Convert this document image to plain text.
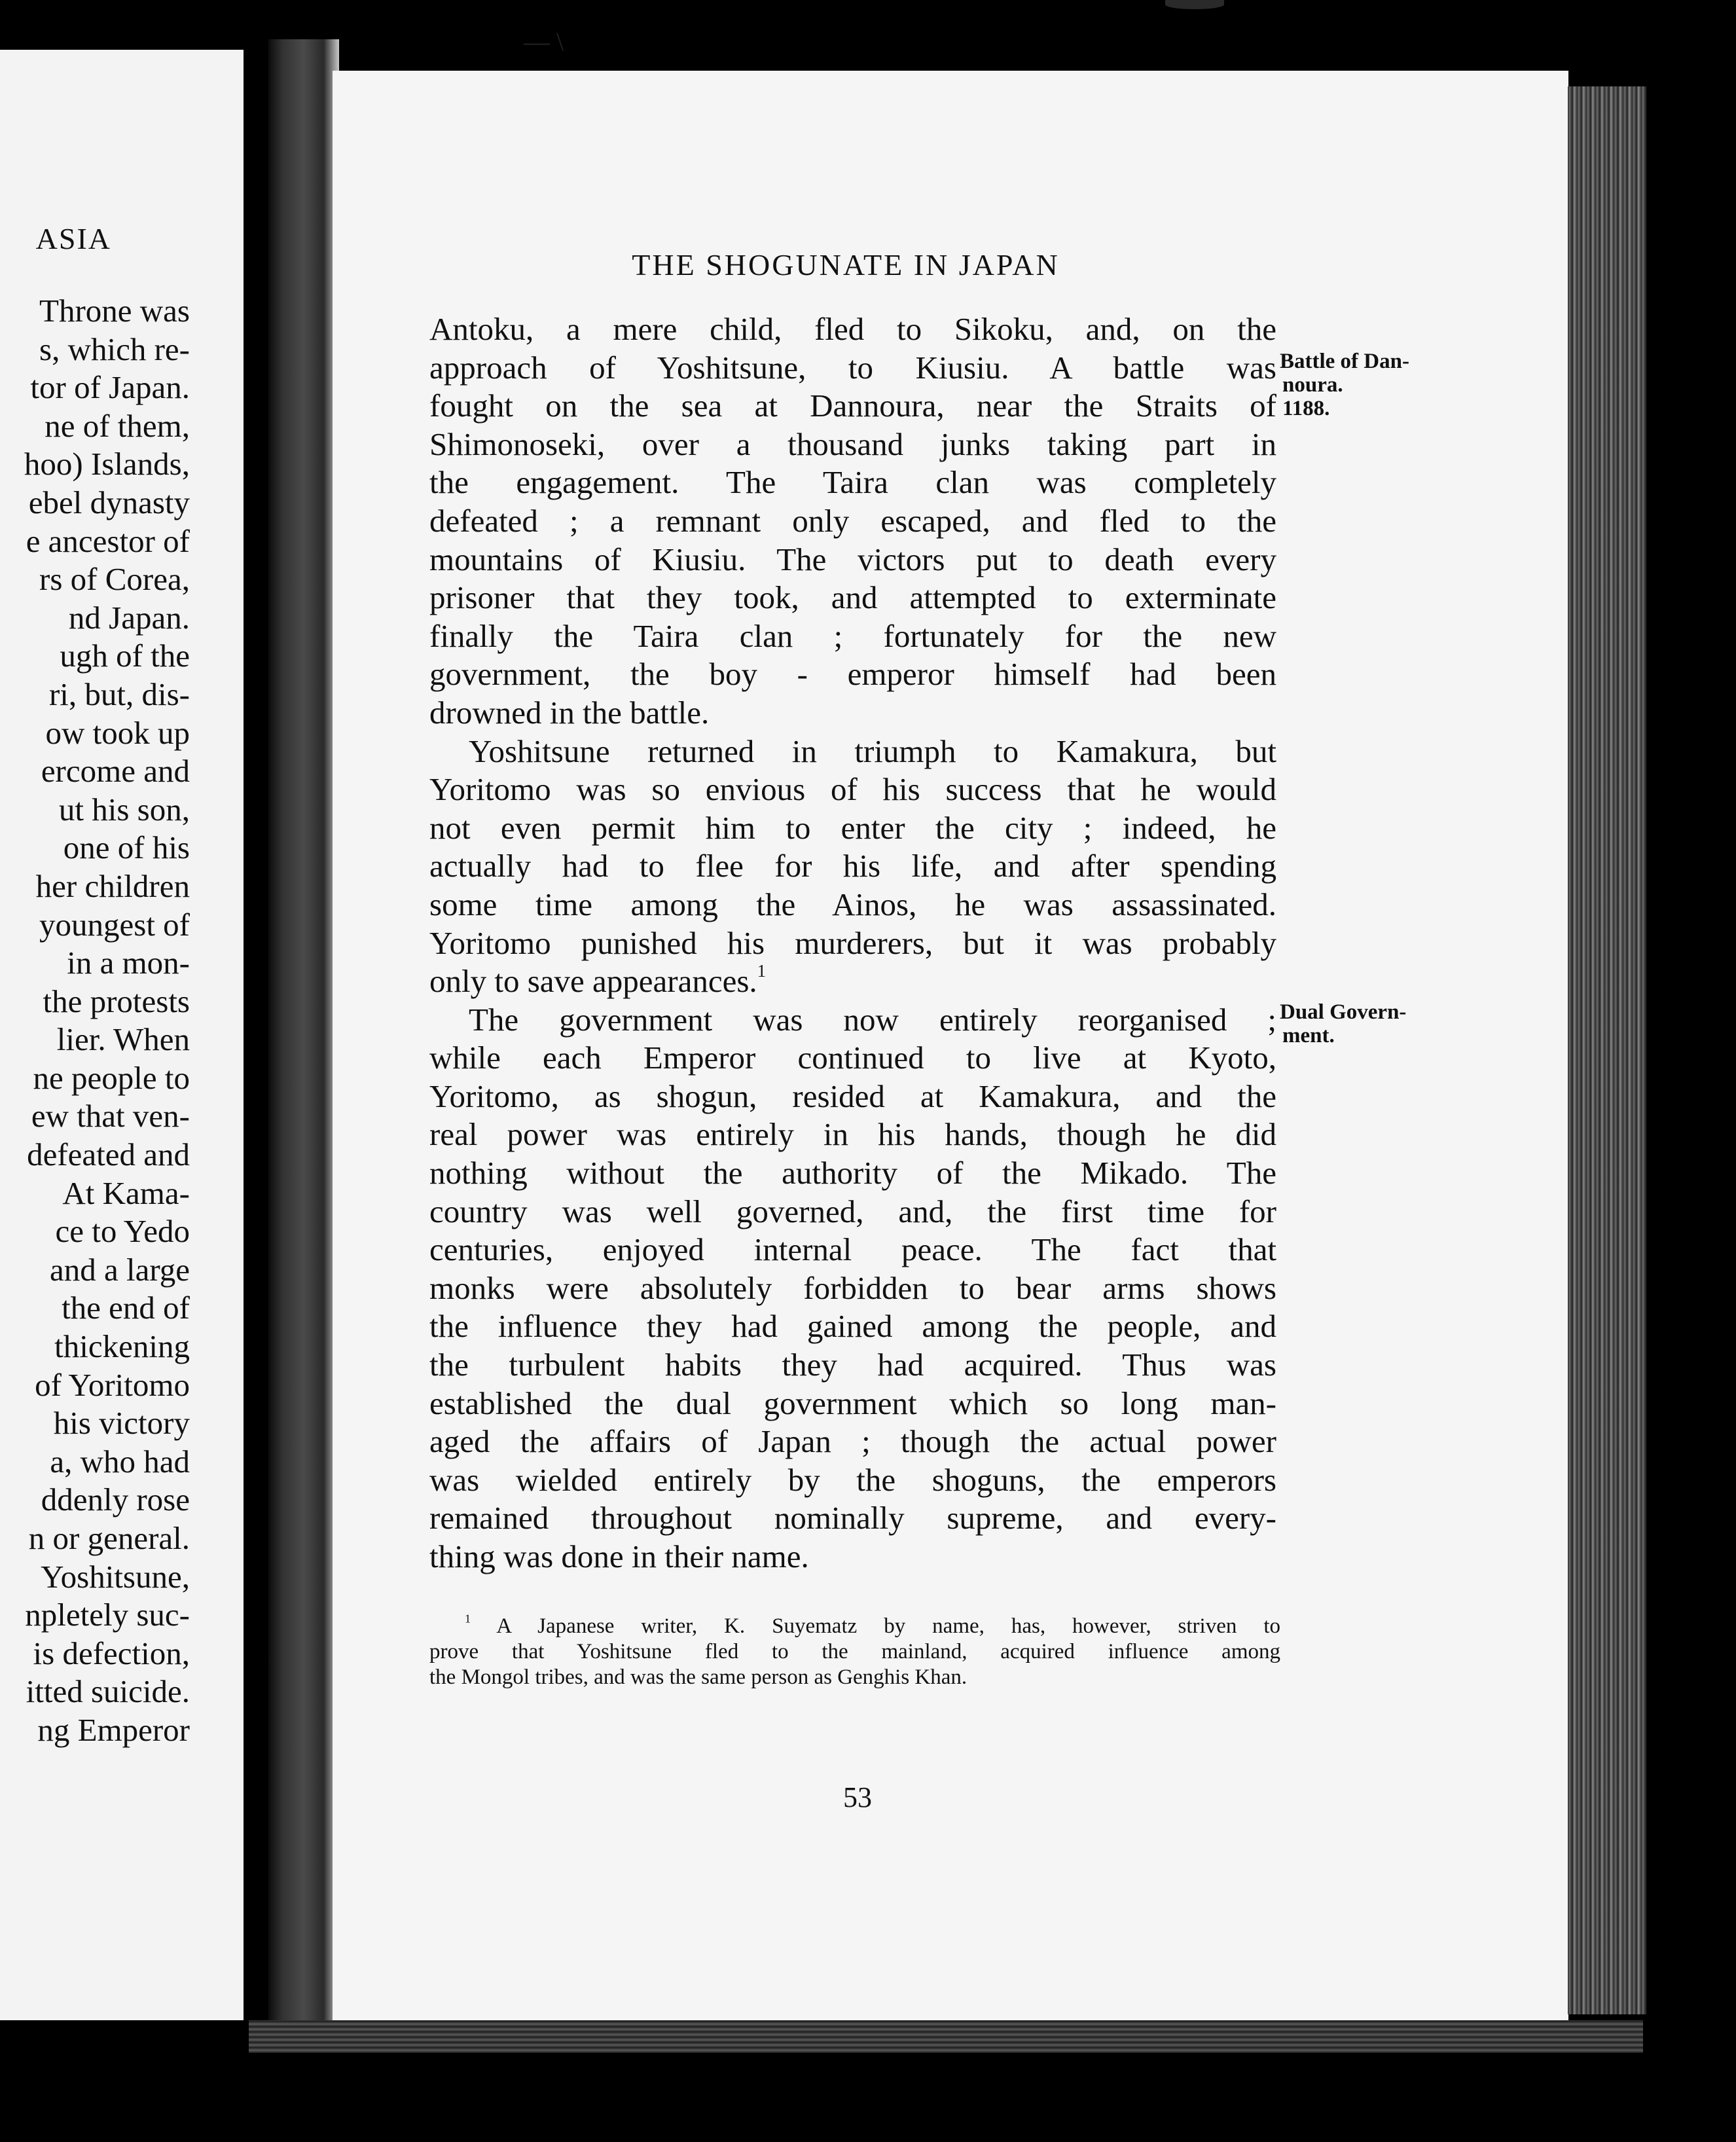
— \
ASIA
Throne was
s, which re-
tor of Japan.
ne of them,
hoo) Islands,
ebel dynasty
e ancestor of
rs of Corea,
nd Japan.
ugh of the
ri, but, dis-
ow took up
ercome and
ut his son,
one of his
her children
youngest of
in a mon-
the protests
lier. When
ne people to
ew that ven-
defeated and
At Kama-
ce to Yedo
and a large
the end of
thickening
of Yoritomo
his victory
a, who had
ddenly rose
n or general.
Yoshitsune,
npletely suc-
is defection,
itted suicide.
ng Emperor
THE SHOGUNATE IN JAPAN
Antoku, a mere child, fled to Sikoku, and, on the
approach of Yoshitsune, to Kiusiu. A battle was
fought on the sea at Dannoura, near the Straits of
Shimonoseki, over a thousand junks taking part in
the engagement. The Taira clan was completely
defeated ; a remnant only escaped, and fled to the
mountains of Kiusiu. The victors put to death every
prisoner that they took, and attempted to exterminate
finally the Taira clan ; fortunately for the new
government, the boy - emperor himself had been
drowned in the battle.
Yoshitsune returned in triumph to Kamakura, but
Yoritomo was so envious of his success that he would
not even permit him to enter the city ; indeed, he
actually had to flee for his life, and after spending
some time among the Ainos, he was assassinated.
Yoritomo punished his murderers, but it was probably
only to save appearances.$^1$
The government was now entirely reorganised ;
while each Emperor continued to live at Kyoto,
Yoritomo, as shogun, resided at Kamakura, and the
real power was entirely in his hands, though he did
nothing without the authority of the Mikado. The
country was well governed, and, the first time for
centuries, enjoyed internal peace. The fact that
monks were absolutely forbidden to bear arms shows
the influence they had gained among the people, and
the turbulent habits they had acquired. Thus was
established the dual government which so long man-
aged the affairs of Japan ; though the actual power
was wielded entirely by the shoguns, the emperors
remained throughout nominally supreme, and every-
thing was done in their name.
Battle of Dan-
noura.
1188.
Dual Govern-
ment.
$^1$ A Japanese writer, K. Suyematz by name, has, however, striven to
prove that Yoshitsune fled to the mainland, acquired influence among
the Mongol tribes, and was the same person as Genghis Khan.
53
